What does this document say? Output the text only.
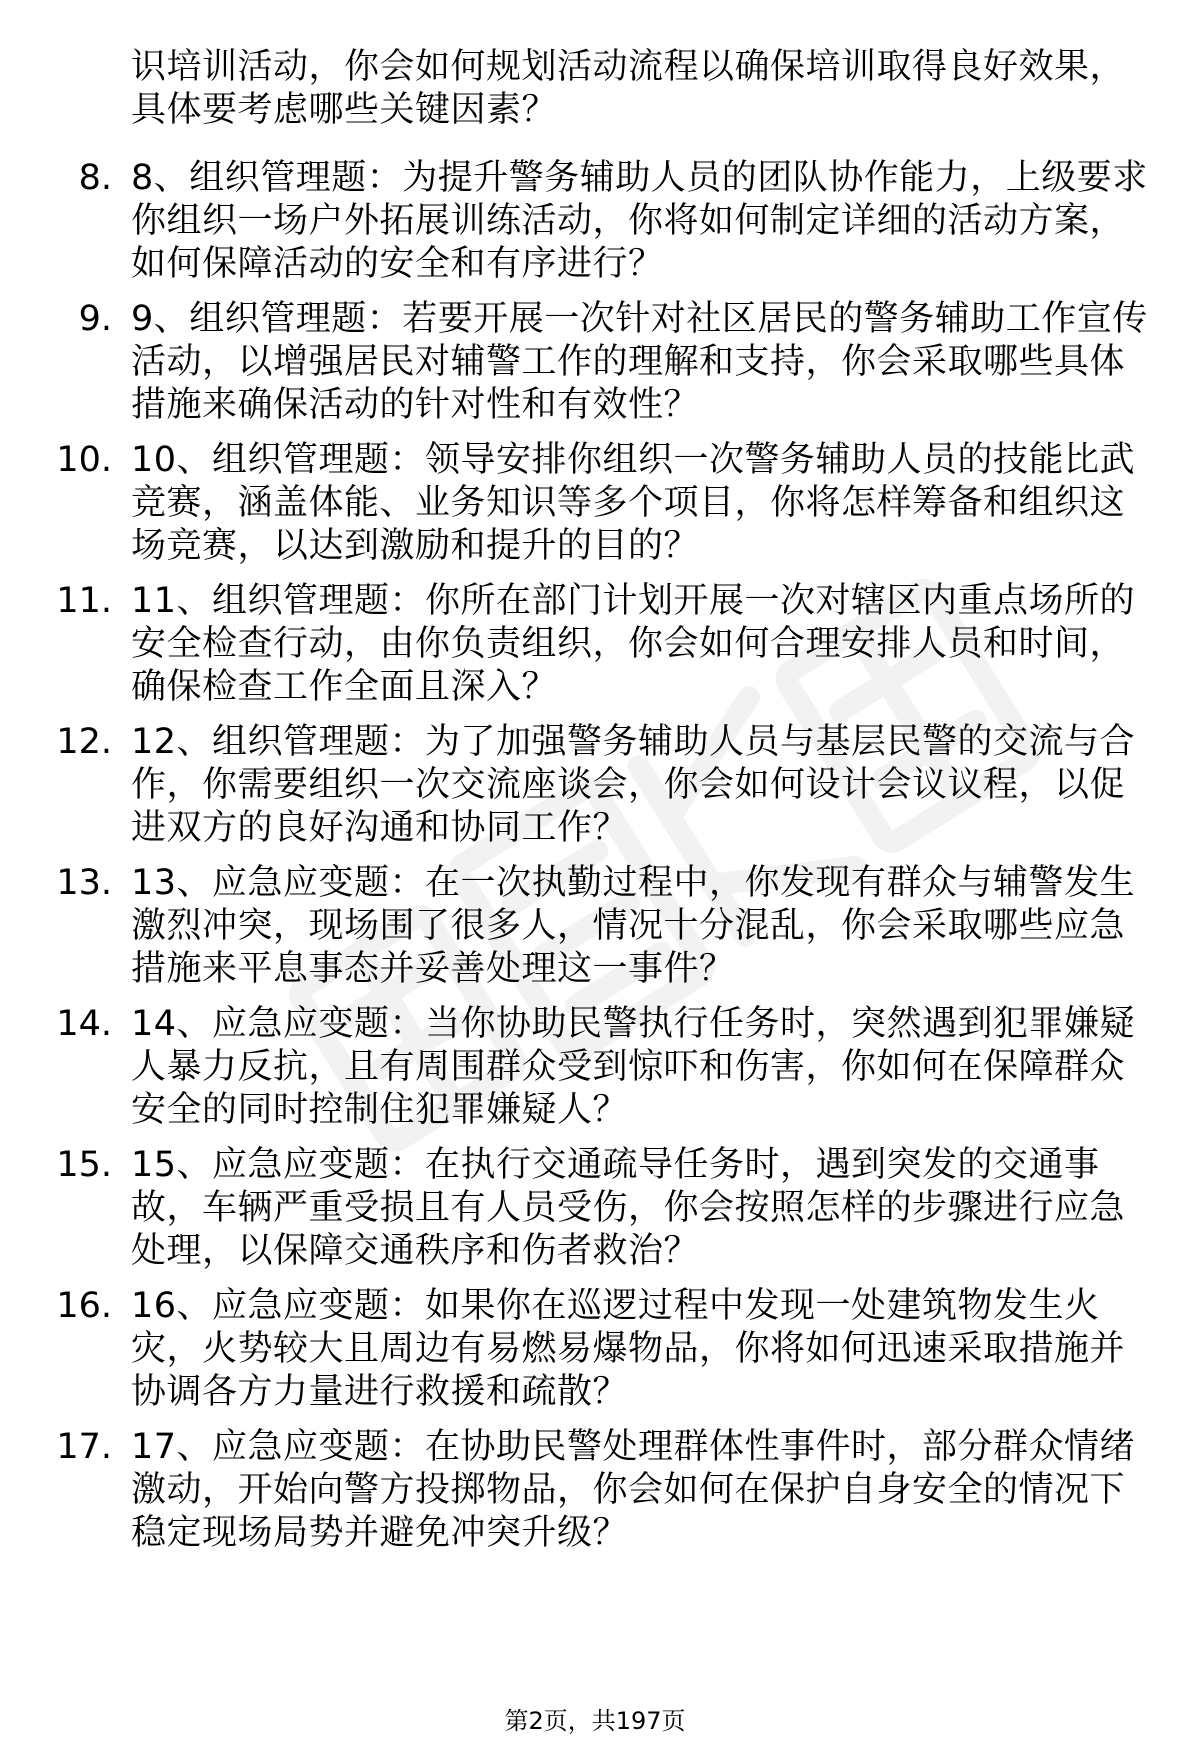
识培训活动，你会如何规划活动流程以确保培训取得良好效果，具体要考虑哪些关键因素？
8. 8、组织管理题：为提升警务辅助人员的团队协作能力，上级要求你组织一场户外拓展训练活动，你将如何制定详细的活动方案，如何保障活动的安全和有序进行？
9. 9、组织管理题：若要开展一次针对社区居民的警务辅助工作宣传活动，以增强居民对辅警工作的理解和支持，你会采取哪些具体措施来确保活动的针对性和有效性？
10. 10、组织管理题：领导安排你组织一次警务辅助人员的技能比武竞赛，涵盖体能、业务知识等多个项目，你将怎样筹备和组织这场竞赛，以达到激励和提升的目的？
11. 11、组织管理题：你所在部门计划开展一次对辖区内重点场所的安全检查行动，由你负责组织，你会如何合理安排人员和时间，确保检查工作全面且深入？
12. 12、组织管理题：为了加强警务辅助人员与基层民警的交流与合作，你需要组织一次交流座谈会，你会如何设计会议议程，以促进双方的良好沟通和协同工作？
13. 13、应急应变题：在一次执勤过程中，你发现有群众与辅警发生激烈冲突，现场围了很多人，情况十分混乱，你会采取哪些应急措施来平息事态并妥善处理这一事件？
14. 14、应急应变题：当你协助民警执行任务时，突然遇到犯罪嫌疑人暴力反抗，且有周围群众受到惊吓和伤害，你如何在保障群众安全的同时控制住犯罪嫌疑人？
15. 15、应急应变题：在执行交通疏导任务时，遇到突发的交通事故，车辆严重受损且有人员受伤，你会按照怎样的步骤进行应急处理，以保障交通秩序和伤者救治？
16. 16、应急应变题：如果你在巡逻过程中发现一处建筑物发生火灾，火势较大且周边有易燃易爆物品，你将如何迅速采取措施并协调各方力量进行救援和疏散？
17. 17、应急应变题：在协助民警处理群体性事件时，部分群众情绪激动，开始向警方投掷物品，你会如何在保护自身安全的情况下稳定现场局势并避免冲突升级？
第2页，共197页
